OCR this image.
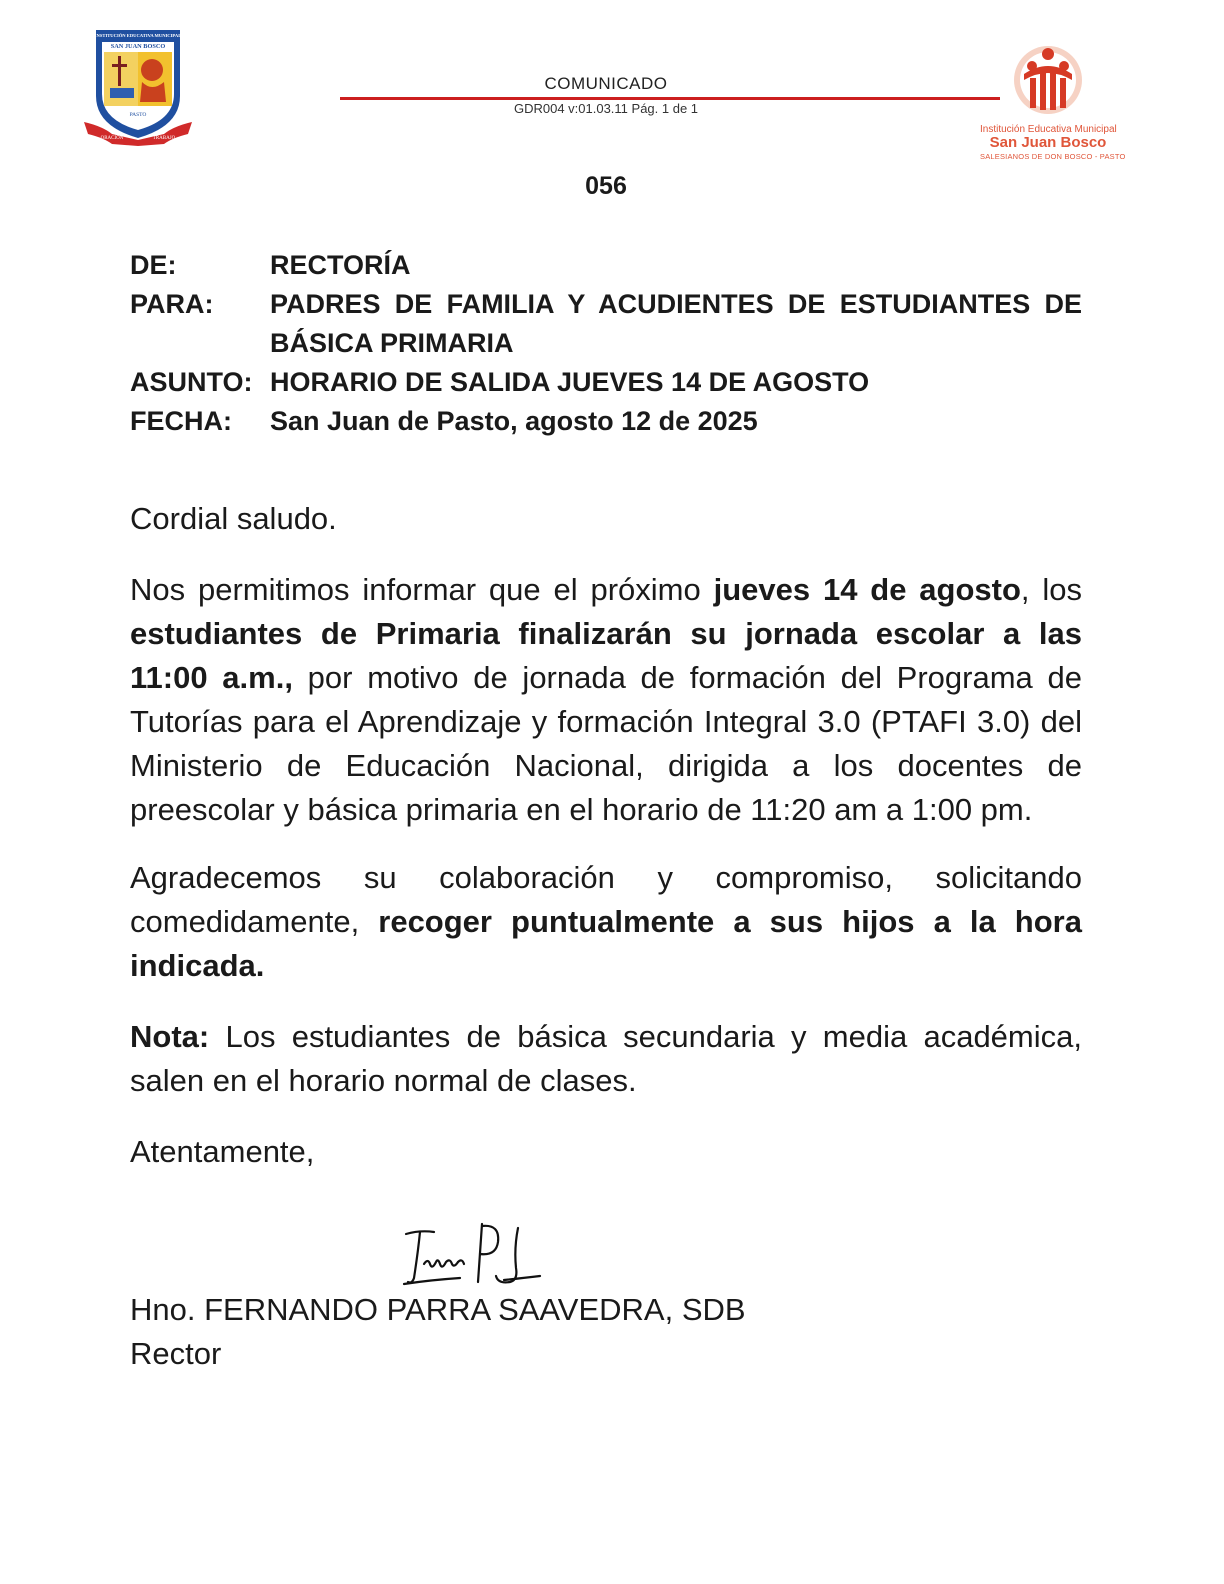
INSTITUCIÓN EDUCATIVA MUNICIPAL
SAN JUAN BOSCO
PASTO
ORACIÓN	TRABAJO
COMUNICADO
GDR004 v:01.03.11 Pág. 1 de 1
Institución Educativa Municipal
San Juan Bosco
SALESIANOS DE DON BOSCO - PASTO
056
DE:	RECTORÍA
PARA: PADRES DE FAMILIA Y ACUDIENTES DE ESTUDIANTES DE
BÁSICA PRIMARIA
ASUNTO: HORARIO DE SALIDA JUEVES 14 DE AGOSTO
FECHA: San Juan de Pasto, agosto 12 de 2025
Cordial saludo.
Nos permitimos informar que el próximo jueves 14 de agosto, los estudiantes de Primaria finalizarán su jornada escolar a las 11:00 a.m., por motivo de jornada de formación del Programa de Tutorías para el Aprendizaje y formación Integral 3.0 (PTAFI 3.0) del Ministerio de Educación Nacional, dirigida a los docentes de preescolar y básica primaria en el horario de 11:20 am a 1:00 pm.
Agradecemos su colaboración y compromiso, solicitando comedidamente, recoger puntualmente a sus hijos a la hora indicada.
Nota: Los estudiantes de básica secundaria y media académica, salen en el horario normal de clases.
Atentamente,
Hno. FERNANDO PARRA SAAVEDRA, SDB
Rector
